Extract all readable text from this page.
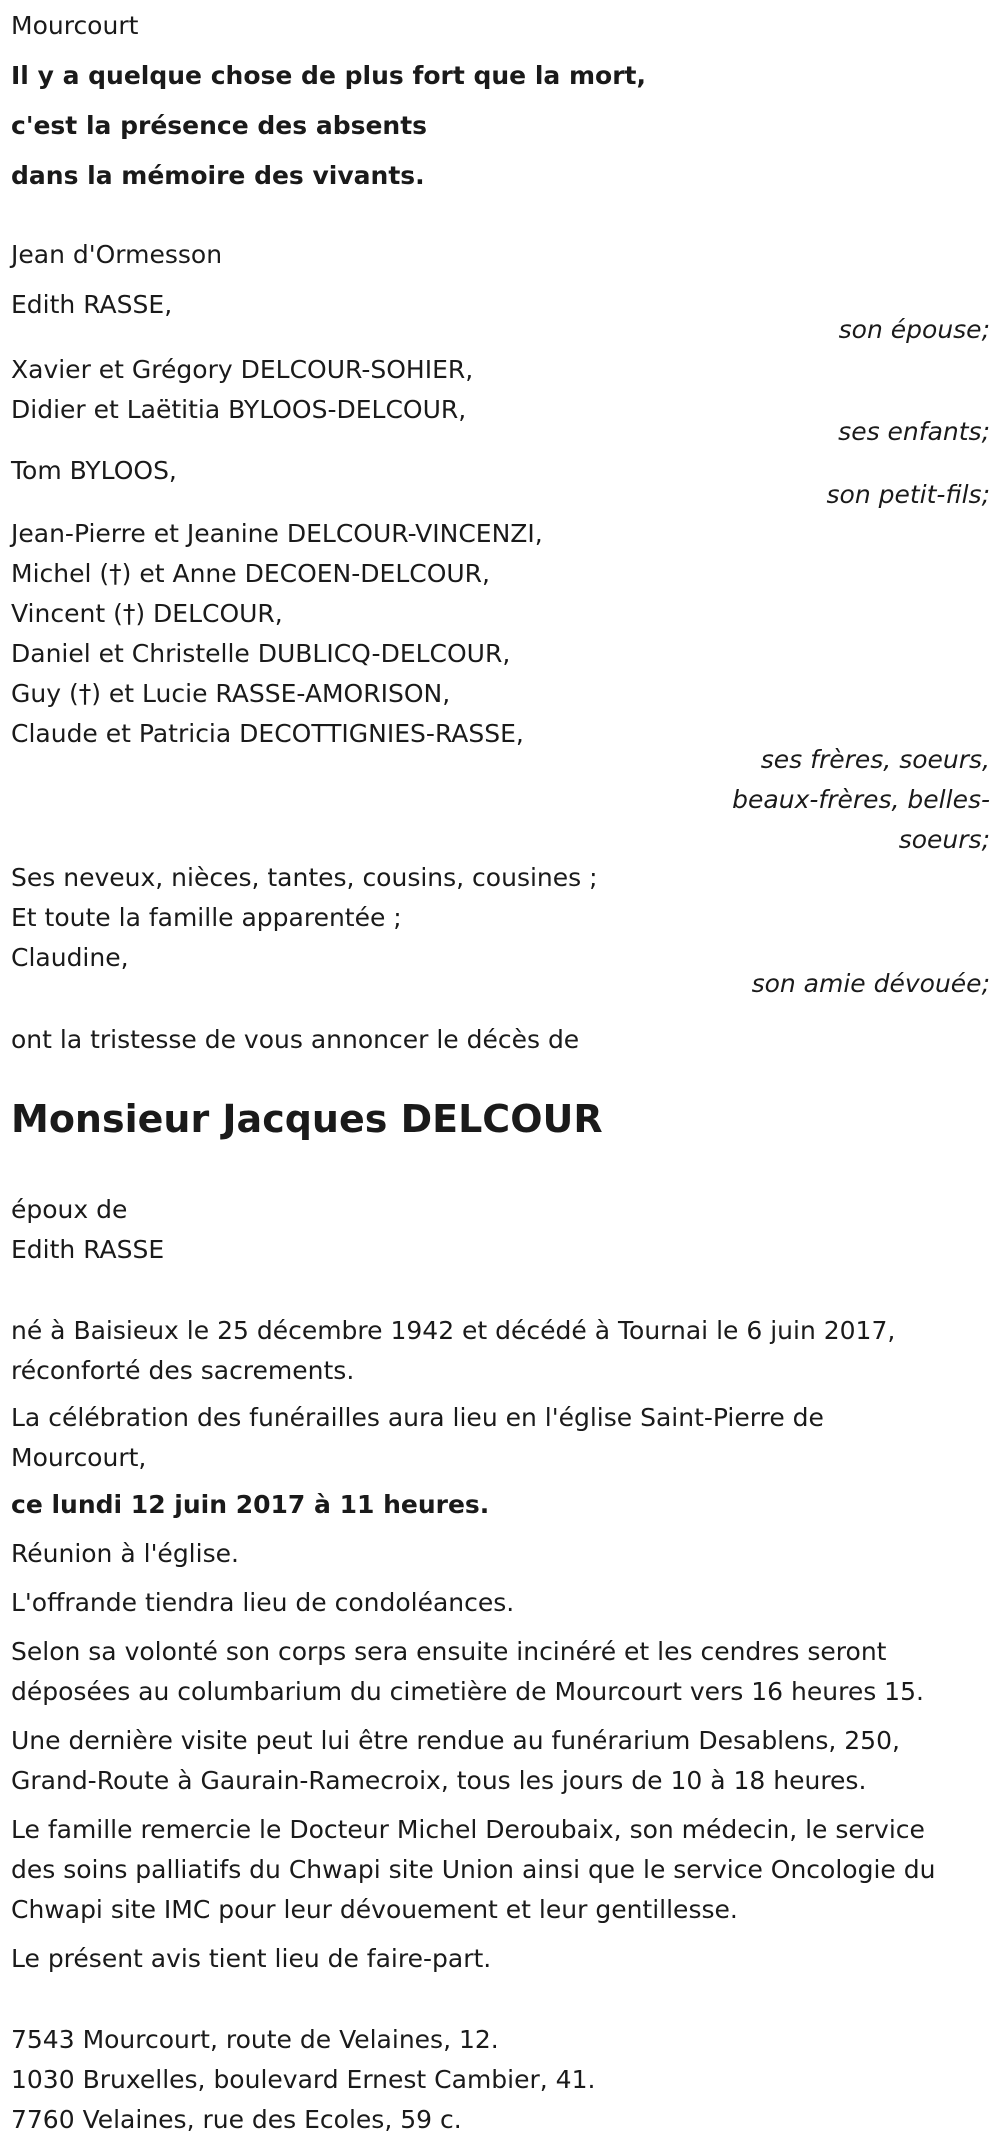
Mourcourt
Il y a quelque chose de plus fort que la mort,
c'est la présence des absents
dans la mémoire des vivants.
Jean d'Ormesson
Edith RASSE,
son épouse;
Xavier et Grégory DELCOUR-SOHIER,
Didier et Laëtitia BYLOOS-DELCOUR,
ses enfants;
Tom BYLOOS,
son petit-fils;
Jean-Pierre et Jeanine DELCOUR-VINCENZI,
Michel (†) et Anne DECOEN-DELCOUR,
Vincent (†) DELCOUR,
Daniel et Christelle DUBLICQ-DELCOUR,
Guy (†) et Lucie RASSE-AMORISON,
Claude et Patricia DECOTTIGNIES-RASSE,
ses frères, soeurs,
beaux-frères, belles-
soeurs;
Ses neveux, nièces, tantes, cousins, cousines ;
Et toute la famille apparentée ;
Claudine,
son amie dévouée;
ont la tristesse de vous annoncer le décès de
Monsieur Jacques DELCOUR
époux de
Edith RASSE
né à Baisieux le 25 décembre 1942 et décédé à Tournai le 6 juin 2017,
réconforté des sacrements.
La célébration des funérailles aura lieu en l'église Saint-Pierre de
Mourcourt,
ce lundi 12 juin 2017 à 11 heures.
Réunion à l'église.
L'offrande tiendra lieu de condoléances.
Selon sa volonté son corps sera ensuite incinéré et les cendres seront
déposées au columbarium du cimetière de Mourcourt vers 16 heures 15.
Une dernière visite peut lui être rendue au funérarium Desablens, 250,
Grand-Route à Gaurain-Ramecroix, tous les jours de 10 à 18 heures.
Le famille remercie le Docteur Michel Deroubaix, son médecin, le service
des soins palliatifs du Chwapi site Union ainsi que le service Oncologie du
Chwapi site IMC pour leur dévouement et leur gentillesse.
Le présent avis tient lieu de faire-part.
7543 Mourcourt, route de Velaines, 12.
1030 Bruxelles, boulevard Ernest Cambier, 41.
7760 Velaines, rue des Ecoles, 59 c.
